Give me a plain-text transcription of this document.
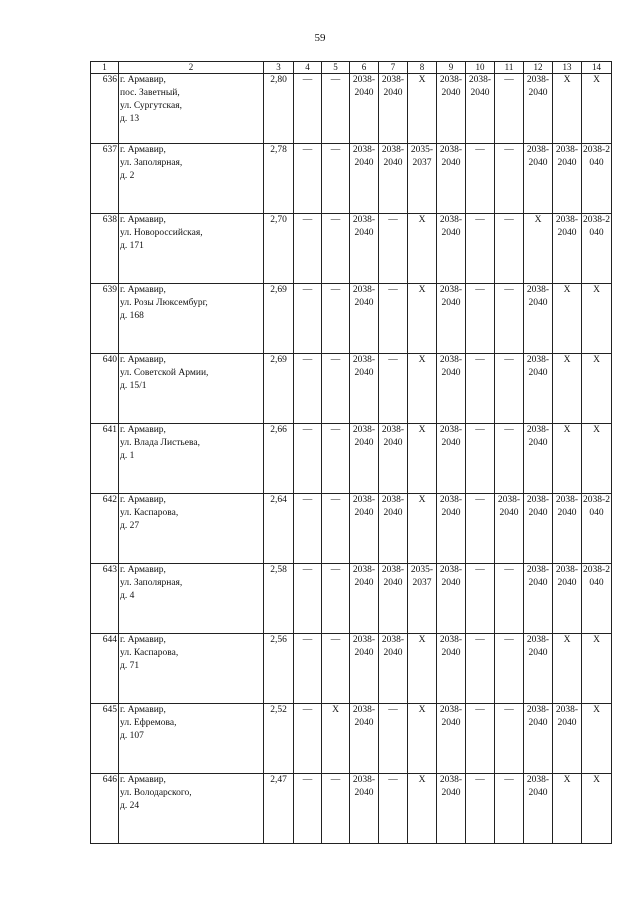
59
1	2	3	4	5	6	7	8	9	10	11	12	13	14
636	г. Армавир,
пос. Заветный,
ул. Сургутская,
д. 13	2,80	—	—	2038-2040	2038-2040	X	2038-2040	2038-2040	—	2038-2040	X	X
637	г. Армавир,
ул. Заполярная,
д. 2	2,78	—	—	2038-2040	2038-2040	2035-2037	2038-2040	—	—	2038-2040	2038-2040	2038-2040
638	г. Армавир,
ул. Новороссийская,
д. 171	2,70	—	—	2038-2040	—	X	2038-2040	—	—	X	2038-2040	2038-2040
639	г. Армавир,
ул. Розы Люксембург,
д. 168	2,69	—	—	2038-2040	—	X	2038-2040	—	—	2038-2040	X	X
640	г. Армавир,
ул. Советской Армии,
д. 15/1	2,69	—	—	2038-2040	—	X	2038-2040	—	—	2038-2040	X	X
641	г. Армавир,
ул. Влада Листьева,
д. 1	2,66	—	—	2038-2040	2038-2040	X	2038-2040	—	—	2038-2040	X	X
642	г. Армавир,
ул. Каспарова,
д. 27	2,64	—	—	2038-2040	2038-2040	X	2038-2040	—	2038-2040	2038-2040	2038-2040	2038-2040
643	г. Армавир,
ул. Заполярная,
д. 4	2,58	—	—	2038-2040	2038-2040	2035-2037	2038-2040	—	—	2038-2040	2038-2040	2038-2040
644	г. Армавир,
ул. Каспарова,
д. 71	2,56	—	—	2038-2040	2038-2040	X	2038-2040	—	—	2038-2040	X	X
645	г. Армавир,
ул. Ефремова,
д. 107	2,52	—	X	2038-2040	—	X	2038-2040	—	—	2038-2040	2038-2040	X
646	г. Армавир,
ул. Володарского,
д. 24	2,47	—	—	2038-2040	—	X	2038-2040	—	—	2038-2040	X	X
